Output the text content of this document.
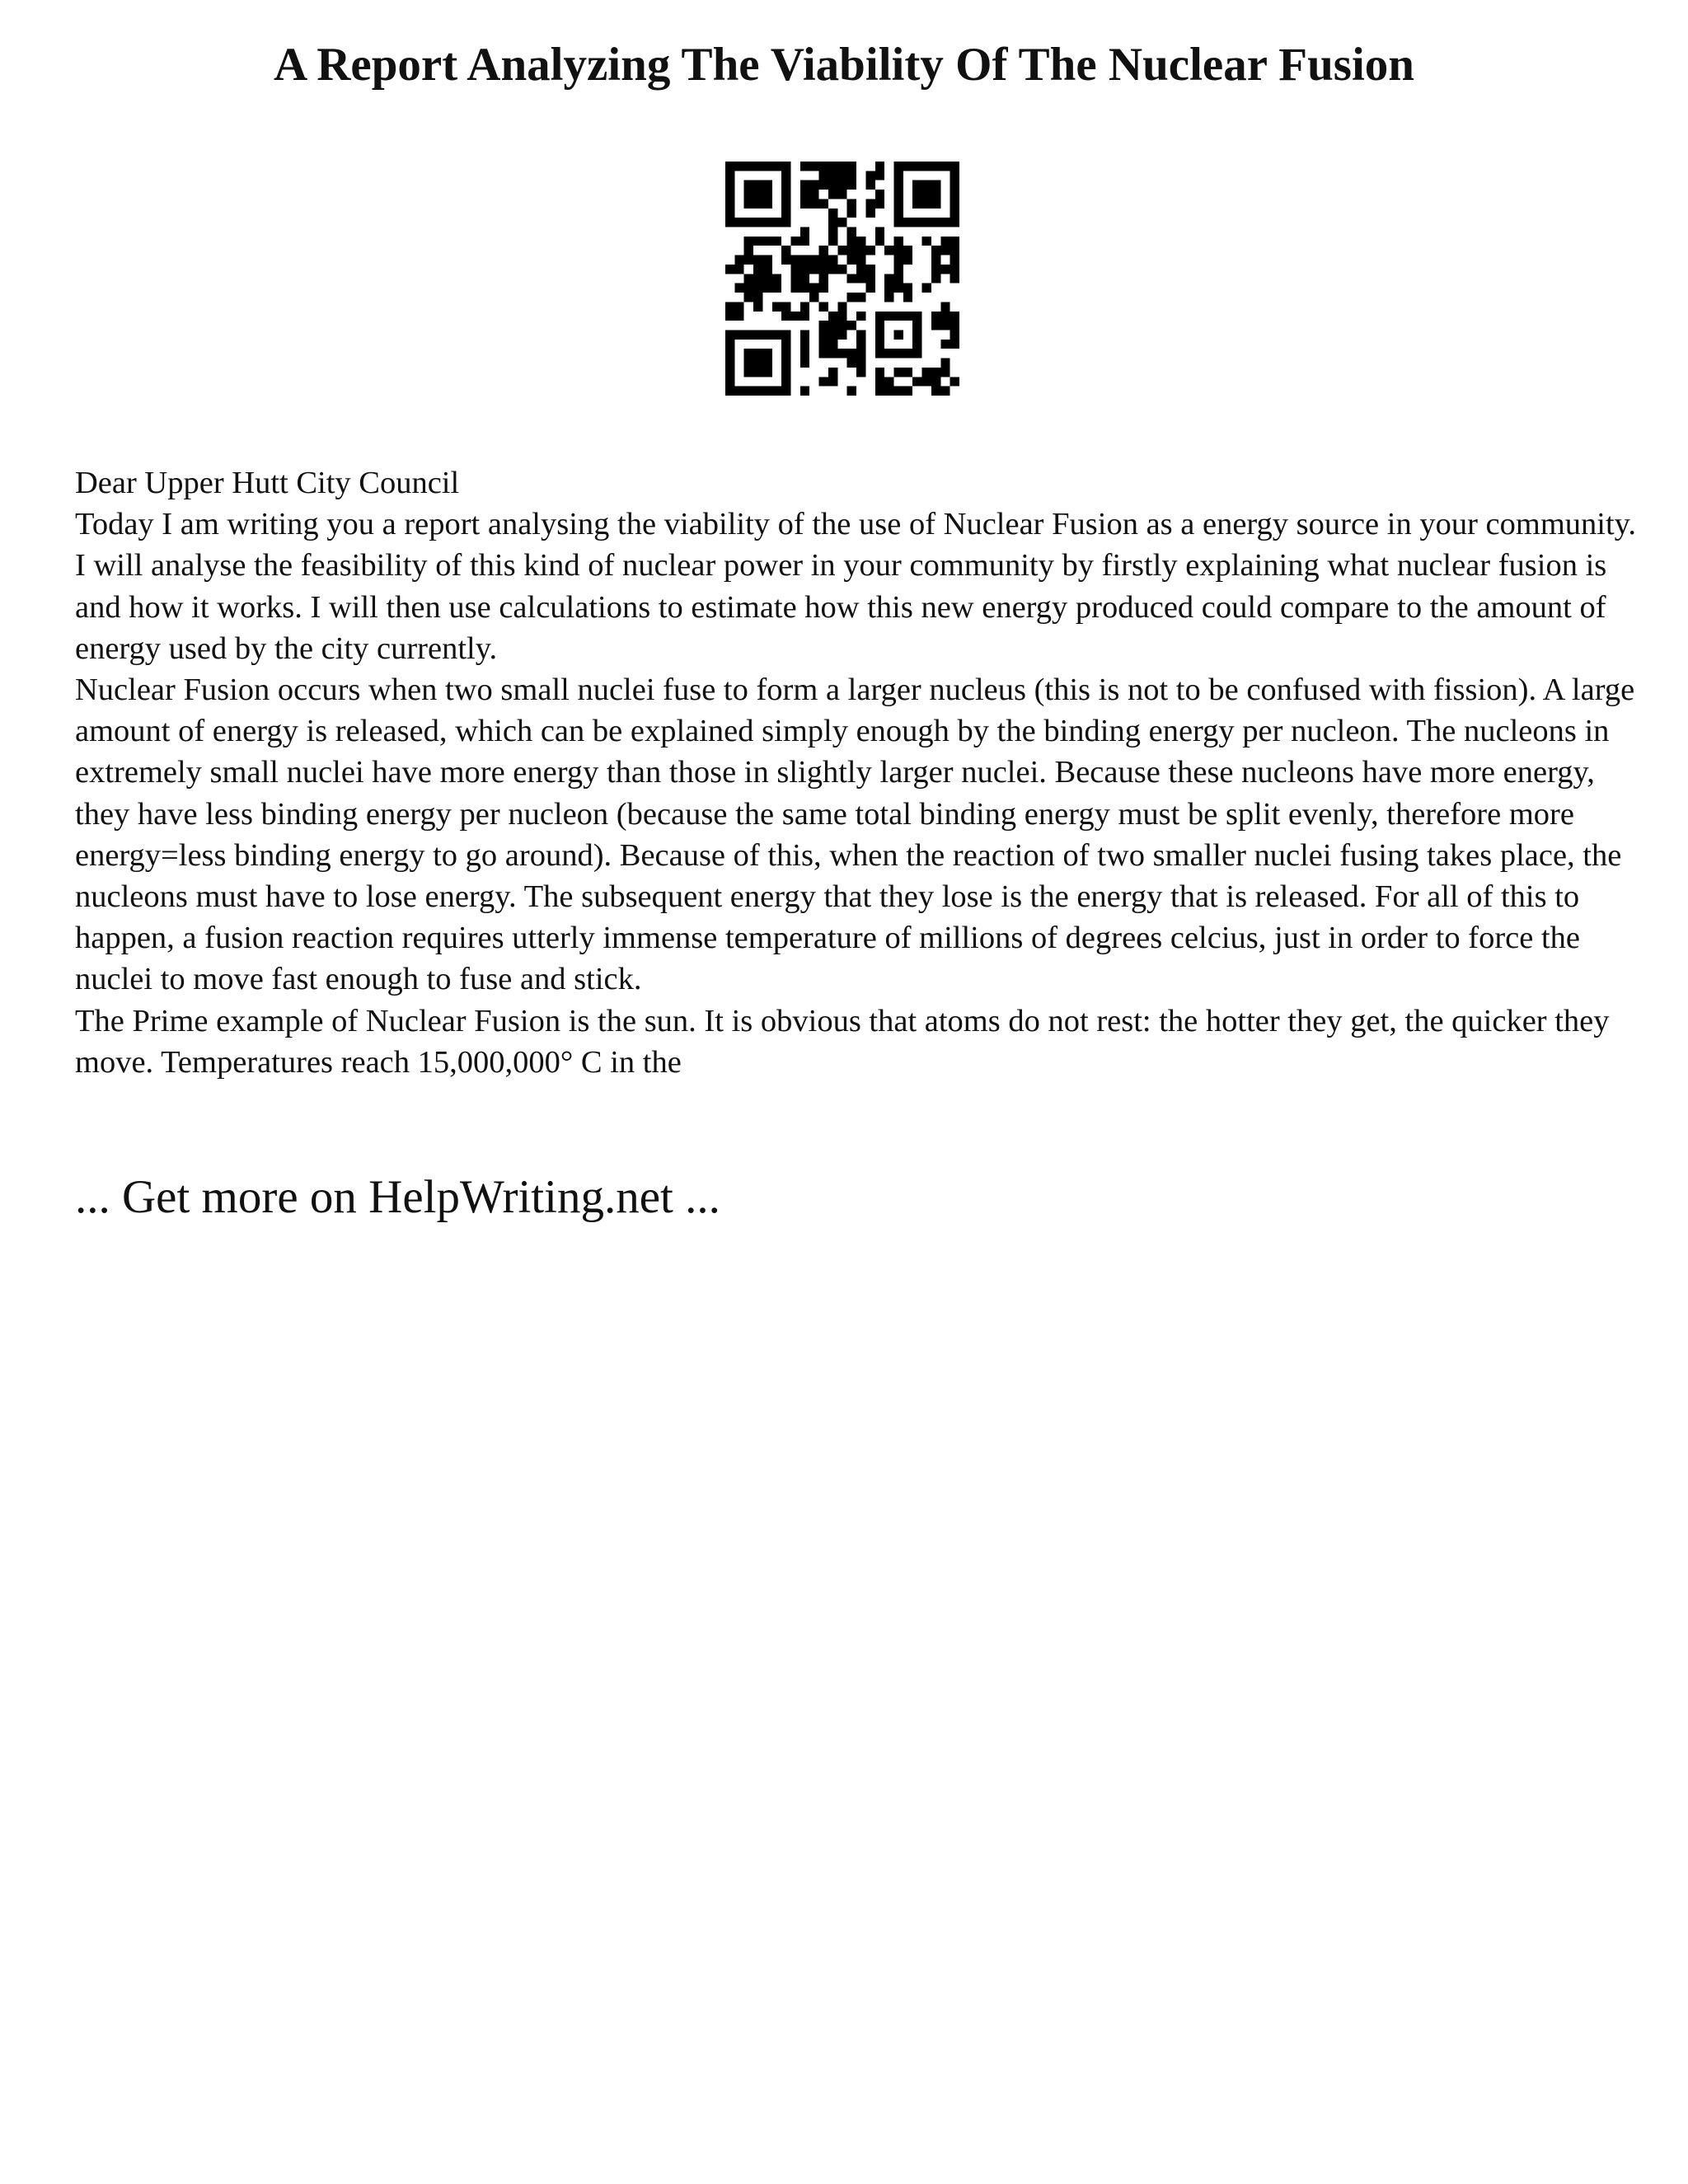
A Report Analyzing The Viability Of The Nuclear Fusion

Dear Upper Hutt City Council

Today I am writing you a report analysing the viability of the use of Nuclear Fusion as a energy source in your community. I will analyse the feasibility of this kind of nuclear power in your community by firstly explaining what nuclear fusion is and how it works. I will then use calculations to estimate how this new energy produced could compare to the amount of energy used by the city currently.

Nuclear Fusion occurs when two small nuclei fuse to form a larger nucleus (this is not to be confused with fission). A large amount of energy is released, which can be explained simply enough by the binding energy per nucleon. The nucleons in extremely small nuclei have more energy than those in slightly larger nuclei. Because these nucleons have more energy, they have less binding energy per nucleon (because the same total binding energy must be split evenly, therefore more energy=less binding energy to go around). Because of this, when the reaction of two smaller nuclei fusing takes place, the nucleons must have to lose energy. The subsequent energy that they lose is the energy that is released. For all of this to happen, a fusion reaction requires utterly immense temperature of millions of degrees celcius, just in order to force the nuclei to move fast enough to fuse and stick.

The Prime example of Nuclear Fusion is the sun. It is obvious that atoms do not rest: the hotter they get, the quicker they move. Temperatures reach 15,000,000° C in the

... Get more on HelpWriting.net ...
